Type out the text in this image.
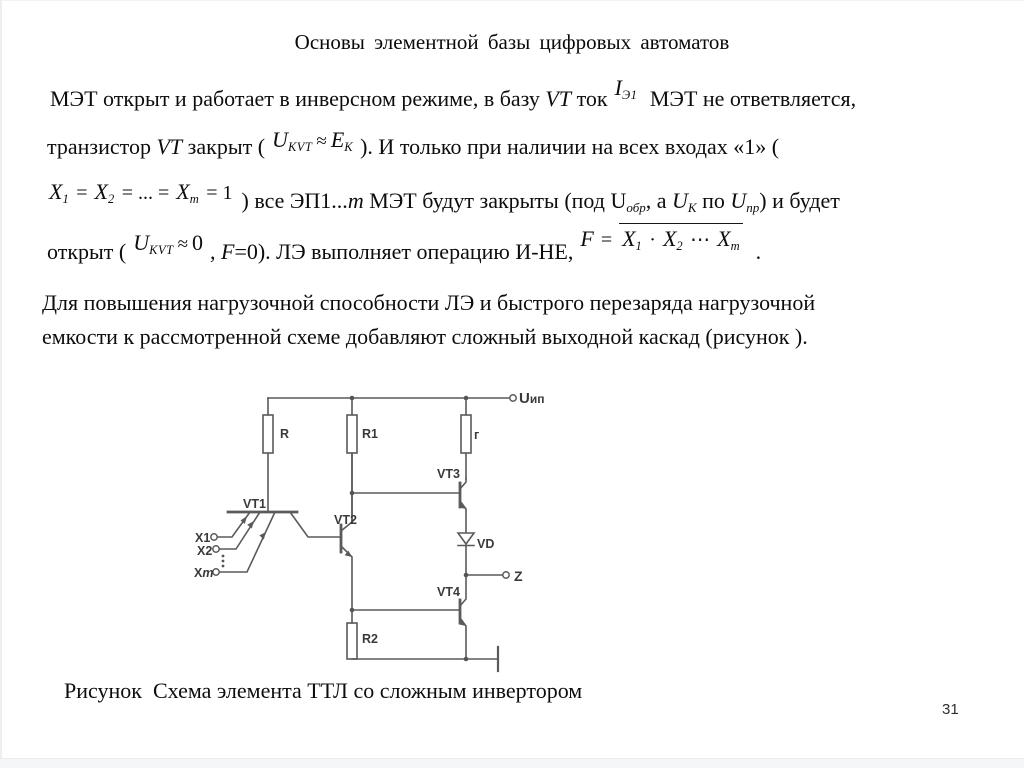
Основы элементной базы цифровых автоматов
МЭТ открыт и работает в инверсном режиме, в базу VT ток IЭ1 МЭТ не ответвляется,
транзистор VT закрыт ( UKVT ≈ EK ). И только при наличии на всех входах «1» (
X1 = X2 = ... = Xm = 1 ) все ЭП1...m МЭТ будут закрыты (под $U_{обр}$, а $U_K$ по $U_{пр}$) и будет
открыт ( UKVT ≈ 0 , F=0). ЛЭ выполняет операцию И-НЕ,F = X1 · X2 ⋯ Xm .
Для повышения нагрузочной способности ЛЭ и быстрого перезаряда нагрузочной
емкости к рассмотренной схеме добавляют сложный выходной каскад (рисунок ).
Uип
R	R1	г
VT1
VT2
VT3
VT4
VD
R2
X1
X2
Xm	Z
Рисунок  Схема элемента ТТЛ со сложным инвертором
31
